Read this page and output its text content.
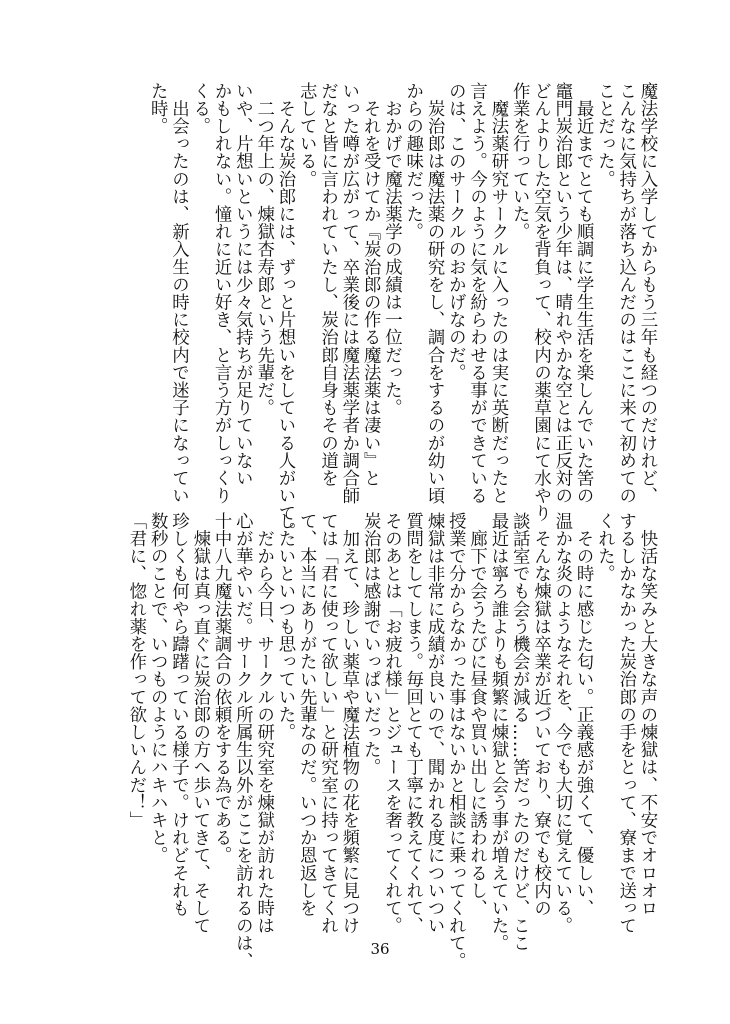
魔法学校に入学してからもう三年も経つのだけれど、
こんなに気持ちが落ち込んだのはここに来て初めての
ことだった。
　最近までとても順調に学生生活を楽しんでいた筈の
竈門炭治郎という少年は、晴れやかな空とは正反対の
どんよりした空気を背負って、校内の薬草園にて水やり
作業を行っていた。
　魔法薬研究サークルに入ったのは実に英断だったと
言えよう。今のように気を紛らわせる事ができている
のは、このサークルのおかげなのだ。
　炭治郎は魔法薬の研究をし、調合をするのが幼い頃
からの趣味だった。
　おかげで魔法薬学の成績は一位だった。
　それを受けてか『炭治郎の作る魔法薬は凄い』と
いった噂が広がって、卒業後には魔法薬学者か調合師
だなと皆に言われていたし、炭治郎自身もその道を
志している。
　そんな炭治郎には、ずっと片想いをしている人がいて。
　二つ年上の、煉獄杏寿郎という先輩だ。
いや、片想いというには少々気持ちが足りていない
かもしれない。憧れに近い好き、と言う方がしっくり
くる。
　出会ったのは、新入生の時に校内で迷子になってい
た時。
　快活な笑みと大きな声の煉獄は、不安でオロオロ
するしかなかった炭治郎の手をとって、寮まで送って
くれた。
　その時に感じた匂い。正義感が強くて、優しい、
温かな炎のようなそれを、今でも大切に覚えている。
　そんな煉獄は卒業が近づいており、寮でも校内の
談話室でも会う機会が減る……筈だったのだけど、ここ
最近は寧ろ誰よりも頻繁に煉獄と会う事が増えていた。
　廊下で会うたびに昼食や買い出しに誘われるし、
授業で分からなかった事はないかと相談に乗ってくれて。
煉獄は非常に成績が良いので、聞かれる度についつい
質問をしてしまう。毎回とても丁寧に教えてくれて、
そのあとは「お疲れ様」とジュースを奢ってくれて。
炭治郎は感謝でいっぱいだった。
　加えて、珍しい薬草や魔法植物の花を頻繁に見つけ
ては「君に使って欲しい」と研究室に持ってきてくれ
て、本当にありがたい先輩なのだ。いつか恩返しを
したいといつも思っていた。
　だから今日、サークルの研究室を煉獄が訪れた時は
心が華やいだ。サークル所属生以外がここを訪れるのは、
十中八九魔法薬調合の依頼をする為である。
　煉獄は真っ直ぐに炭治郎の方へ歩いてきて、そして
珍しくも何やら躊躇っている様子で。けれどそれも
数秒のことで、いつものようにハキハキと。
「君に、惚れ薬を作って欲しいんだ！」
36
